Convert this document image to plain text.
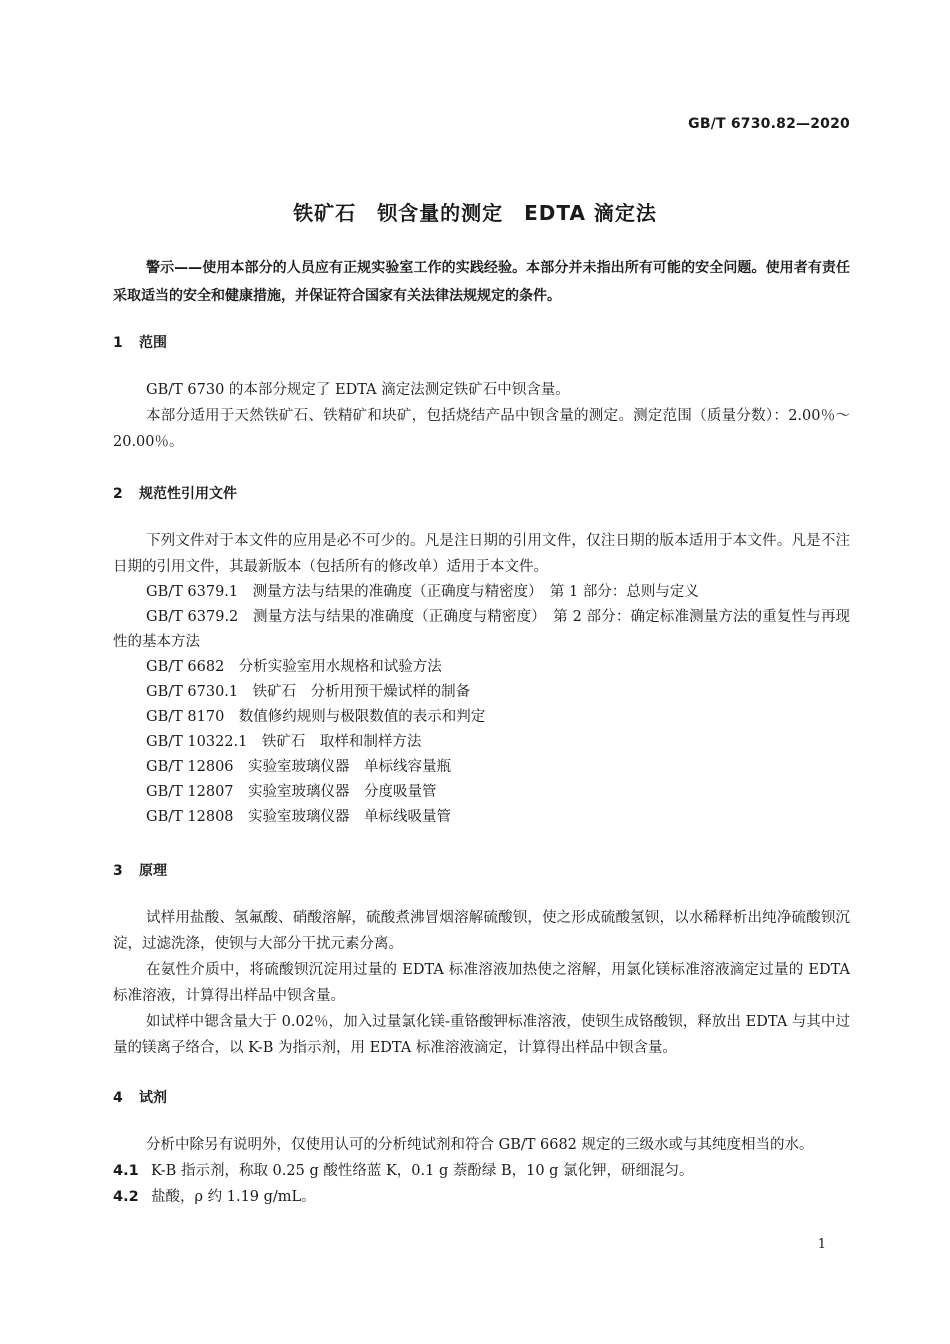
GB/T 6730.82—2020
铁矿石　钡含量的测定　EDTA 滴定法
警示——使用本部分的人员应有正规实验室工作的实践经验。本部分并未指出所有可能的安全问题。使用者有责任采取适当的安全和健康措施，并保证符合国家有关法律法规规定的条件。
1 范围
GB/T 6730 的本部分规定了 EDTA 滴定法测定铁矿石中钡含量。
本部分适用于天然铁矿石、铁精矿和块矿，包括烧结产品中钡含量的测定。测定范围（质量分数）：2.00％～20.00％。
2 规范性引用文件
下列文件对于本文件的应用是必不可少的。凡是注日期的引用文件，仅注日期的版本适用于本文件。凡是不注日期的引用文件，其最新版本（包括所有的修改单）适用于本文件。
GB/T 6379.1　测量方法与结果的准确度（正确度与精密度）　第 1 部分：总则与定义
GB/T 6379.2　测量方法与结果的准确度（正确度与精密度）　第 2 部分：确定标准测量方法的重复性与再现性的基本方法
GB/T 6682　分析实验室用水规格和试验方法
GB/T 6730.1　铁矿石　分析用预干燥试样的制备
GB/T 8170　数值修约规则与极限数值的表示和判定
GB/T 10322.1　铁矿石　取样和制样方法
GB/T 12806　实验室玻璃仪器　单标线容量瓶
GB/T 12807　实验室玻璃仪器　分度吸量管
GB/T 12808　实验室玻璃仪器　单标线吸量管
3 原理
试样用盐酸、氢氟酸、硝酸溶解，硫酸煮沸冒烟溶解硫酸钡，使之形成硫酸氢钡，以水稀释析出纯净硫酸钡沉淀，过滤洗涤，使钡与大部分干扰元素分离。
在氨性介质中，将硫酸钡沉淀用过量的 EDTA 标准溶液加热使之溶解，用氯化镁标准溶液滴定过量的 EDTA 标准溶液，计算得出样品中钡含量。
如试样中锶含量大于 0.02％，加入过量氯化镁-重铬酸钾标准溶液，使钡生成铬酸钡，释放出 EDTA 与其中过量的镁离子络合，以 K-B 为指示剂，用 EDTA 标准溶液滴定，计算得出样品中钡含量。
4 试剂
分析中除另有说明外，仅使用认可的分析纯试剂和符合 GB/T 6682 规定的三级水或与其纯度相当的水。
4.1 K-B 指示剂，称取 0.25 g 酸性络蓝 K，0.1 g 萘酚绿 B，10 g 氯化钾，研细混匀。
4.2 盐酸，ρ 约 1.19 g/mL。
1
